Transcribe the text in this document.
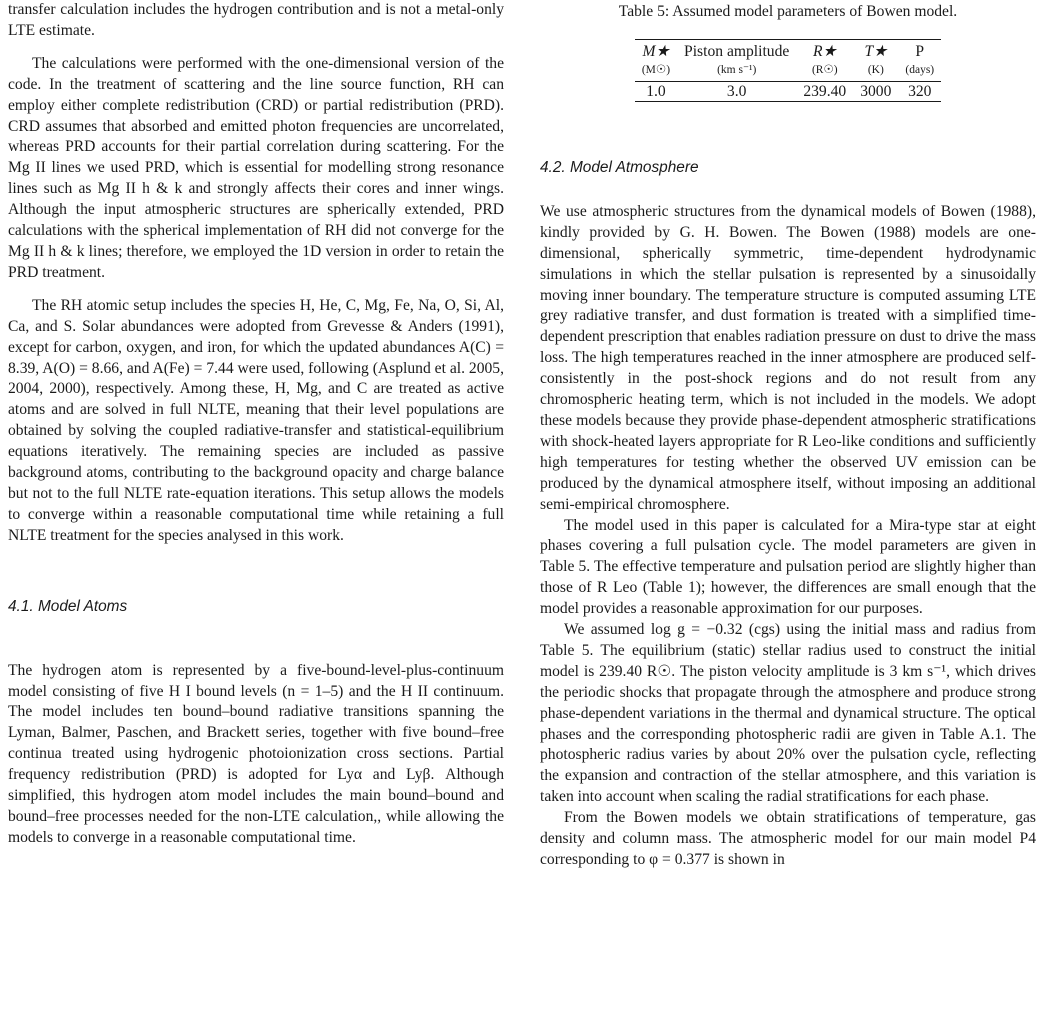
transfer calculation includes the hydrogen contribution and is not a metal-only LTE estimate.

The calculations were performed with the one-dimensional version of the code. In the treatment of scattering and the line source function, RH can employ either complete redistribution (CRD) or partial redistribution (PRD). CRD assumes that absorbed and emitted photon frequencies are uncorrelated, whereas PRD accounts for their partial correlation during scattering. For the Mg II lines we used PRD, which is essential for modelling strong resonance lines such as Mg II h & k and strongly affects their cores and inner wings. Although the input atmospheric structures are spherically extended, PRD calculations with the spherical implementation of RH did not converge for the Mg II h & k lines; therefore, we employed the 1D version in order to retain the PRD treatment.

The RH atomic setup includes the species H, He, C, Mg, Fe, Na, O, Si, Al, Ca, and S. Solar abundances were adopted from Grevesse & Anders (1991), except for carbon, oxygen, and iron, for which the updated abundances A(C) = 8.39, A(O) = 8.66, and A(Fe) = 7.44 were used, following (Asplund et al. 2005, 2004, 2000), respectively. Among these, H, Mg, and C are treated as active atoms and are solved in full NLTE, meaning that their level populations are obtained by solving the coupled radiative-transfer and statistical-equilibrium equations iteratively. The remaining species are included as passive background atoms, contributing to the background opacity and charge balance but not to the full NLTE rate-equation iterations. This setup allows the models to converge within a reasonable computational time while retaining a full NLTE treatment for the species analysed in this work.

4.1. Model Atoms

The hydrogen atom is represented by a five-bound-level-plus-continuum model consisting of five H I bound levels (n = 1–5) and the H II continuum. The model includes ten bound–bound radiative transitions spanning the Lyman, Balmer, Paschen, and Brackett series, together with five bound–free continua treated using hydrogenic photoionization cross sections. Partial frequency redistribution (PRD) is adopted for Lyα and Lyβ. Although simplified, this hydrogen atom model includes the main bound–bound and bound–free processes needed for the non-LTE calculation,, while allowing the models to converge in a reasonable computational time.

Table 5: Assumed model parameters of Bowen model.
M★	Piston amplitude	R★	T★	P
(M☉)	(km s⁻¹)	(R☉)	(K)	(days)
1.0	3.0	239.40	3000	320
4.2. Model Atmosphere

We use atmospheric structures from the dynamical models of Bowen (1988), kindly provided by G. H. Bowen. The Bowen (1988) models are one-dimensional, spherically symmetric, time-dependent hydrodynamic simulations in which the stellar pulsation is represented by a sinusoidally moving inner boundary. The temperature structure is computed assuming LTE grey radiative transfer, and dust formation is treated with a simplified time-dependent prescription that enables radiation pressure on dust to drive the mass loss. The high temperatures reached in the inner atmosphere are produced self-consistently in the post-shock regions and do not result from any chromospheric heating term, which is not included in the models. We adopt these models because they provide phase-dependent atmospheric stratifications with shock-heated layers appropriate for R Leo-like conditions and sufficiently high temperatures for testing whether the observed UV emission can be produced by the dynamical atmosphere itself, without imposing an additional semi-empirical chromosphere.

The model used in this paper is calculated for a Mira-type star at eight phases covering a full pulsation cycle. The model parameters are given in Table 5. The effective temperature and pulsation period are slightly higher than those of R Leo (Table 1); however, the differences are small enough that the model provides a reasonable approximation for our purposes.

We assumed log g = −0.32 (cgs) using the initial mass and radius from Table 5. The equilibrium (static) stellar radius used to construct the initial model is 239.40 R☉. The piston velocity amplitude is 3 km s⁻¹, which drives the periodic shocks that propagate through the atmosphere and produce strong phase-dependent variations in the thermal and dynamical structure. The optical phases and the corresponding photospheric radii are given in Table A.1. The photospheric radius varies by about 20% over the pulsation cycle, reflecting the expansion and contraction of the stellar atmosphere, and this variation is taken into account when scaling the radial stratifications for each phase.

From the Bowen models we obtain stratifications of temperature, gas density and column mass. The atmospheric model for our main model P4 corresponding to φ = 0.377 is shown in
